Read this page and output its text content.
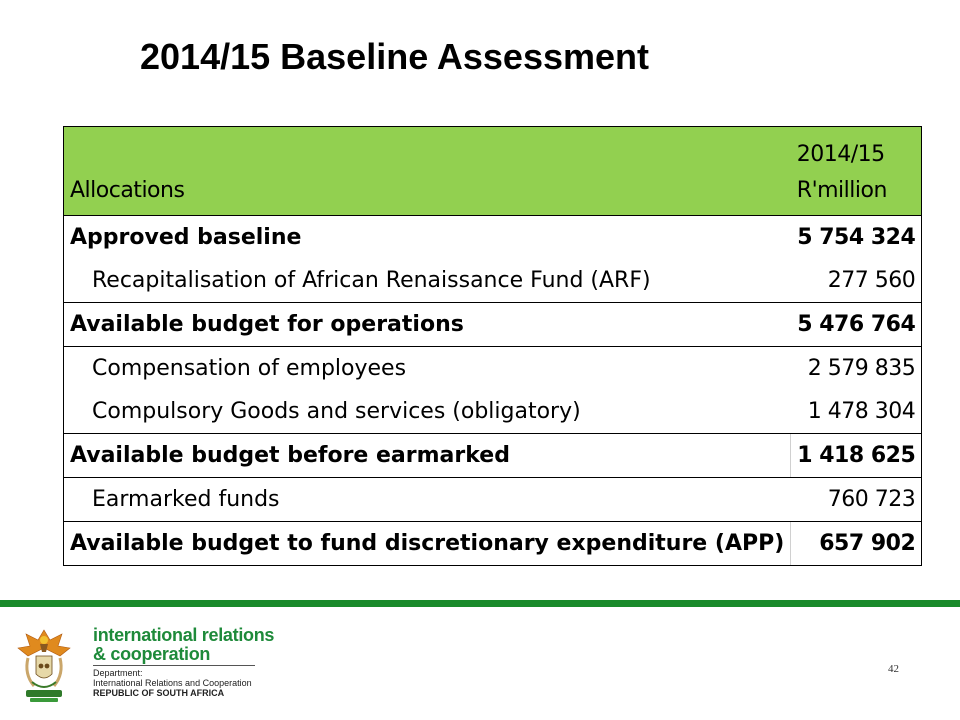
2014/15 Baseline Assessment
Allocations	2014/15
R'million

Approved baseline	5 754 324
Recapitalisation of African Renaissance Fund (ARF)	277 560
Available budget for operations	5 476 764
Compensation of employees	2 579 835
Compulsory Goods and services (obligatory)	1 478 304
Available budget before earmarked	1 418 625
Earmarked funds	760 723
Available budget to fund discretionary expenditure (APP)	657 902
international relations
& cooperation
Department:
International Relations and Cooperation
REPUBLIC OF SOUTH AFRICA
42
